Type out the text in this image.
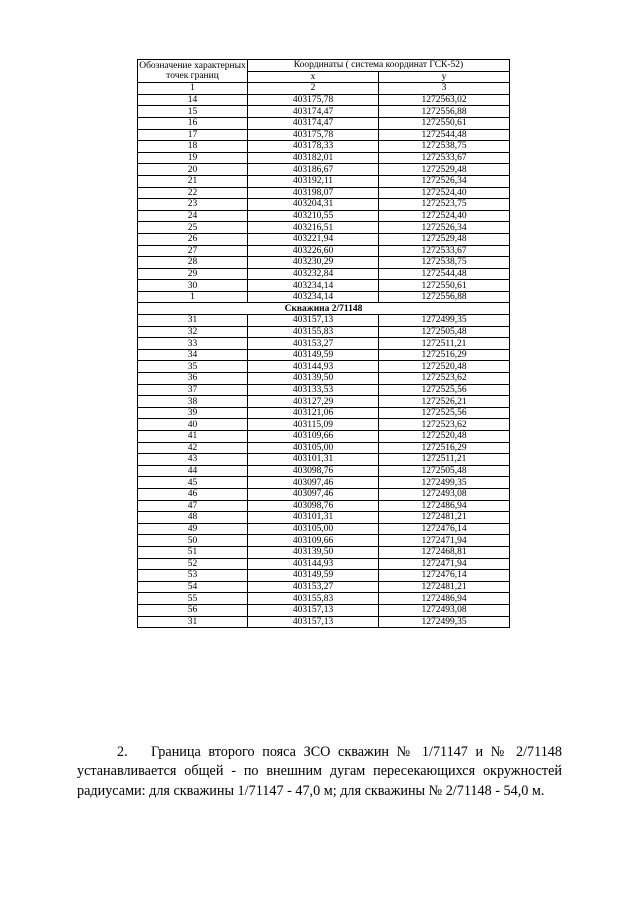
Обозначение характерных точек границ	Координаты ( система координат ГСК-52)	
	x	y
1	2	3
14	403175,78	1272563,02
15	403174,47	1272556,88
16	403174,47	1272550,61
17	403175,78	1272544,48
18	403178,33	1272538,75
19	403182,01	1272533,67
20	403186,67	1272529,48
21	403192,11	1272526,34
22	403198,07	1272524,40
23	403204,31	1272523,75
24	403210,55	1272524,40
25	403216,51	1272526,34
26	403221,94	1272529,48
27	403226,60	1272533,67
28	403230,29	1272538,75
29	403232,84	1272544,48
30	403234,14	1272550,61
1	403234,14	1272556,88
Скважина 2/71148		
31	403157,13	1272499,35
32	403155,83	1272505,48
33	403153,27	1272511,21
34	403149,59	1272516,29
35	403144,93	1272520,48
36	403139,50	1272523,62
37	403133,53	1272525,56
38	403127,29	1272526,21
39	403121,06	1272525,56
40	403115,09	1272523,62
41	403109,66	1272520,48
42	403105,00	1272516,29
43	403101,31	1272511,21
44	403098,76	1272505,48
45	403097,46	1272499,35
46	403097,46	1272493,08
47	403098,76	1272486,94
48	403101,31	1272481,21
49	403105,00	1272476,14
50	403109,66	1272471,94
51	403139,50	1272468,81
52	403144,93	1272471,94
53	403149,59	1272476,14
54	403153,27	1272481,21
55	403155,83	1272486,94
56	403157,13	1272493,08
31	403157,13	1272499,35
2. Граница второго пояса ЗСО скважин № 1/71147 и № 2/71148 устанавливается общей - по внешним дугам пересекающихся окружностей радиусами: для скважины 1/71147 - 47,0 м; для скважины № 2/71148 - 54,0 м.
